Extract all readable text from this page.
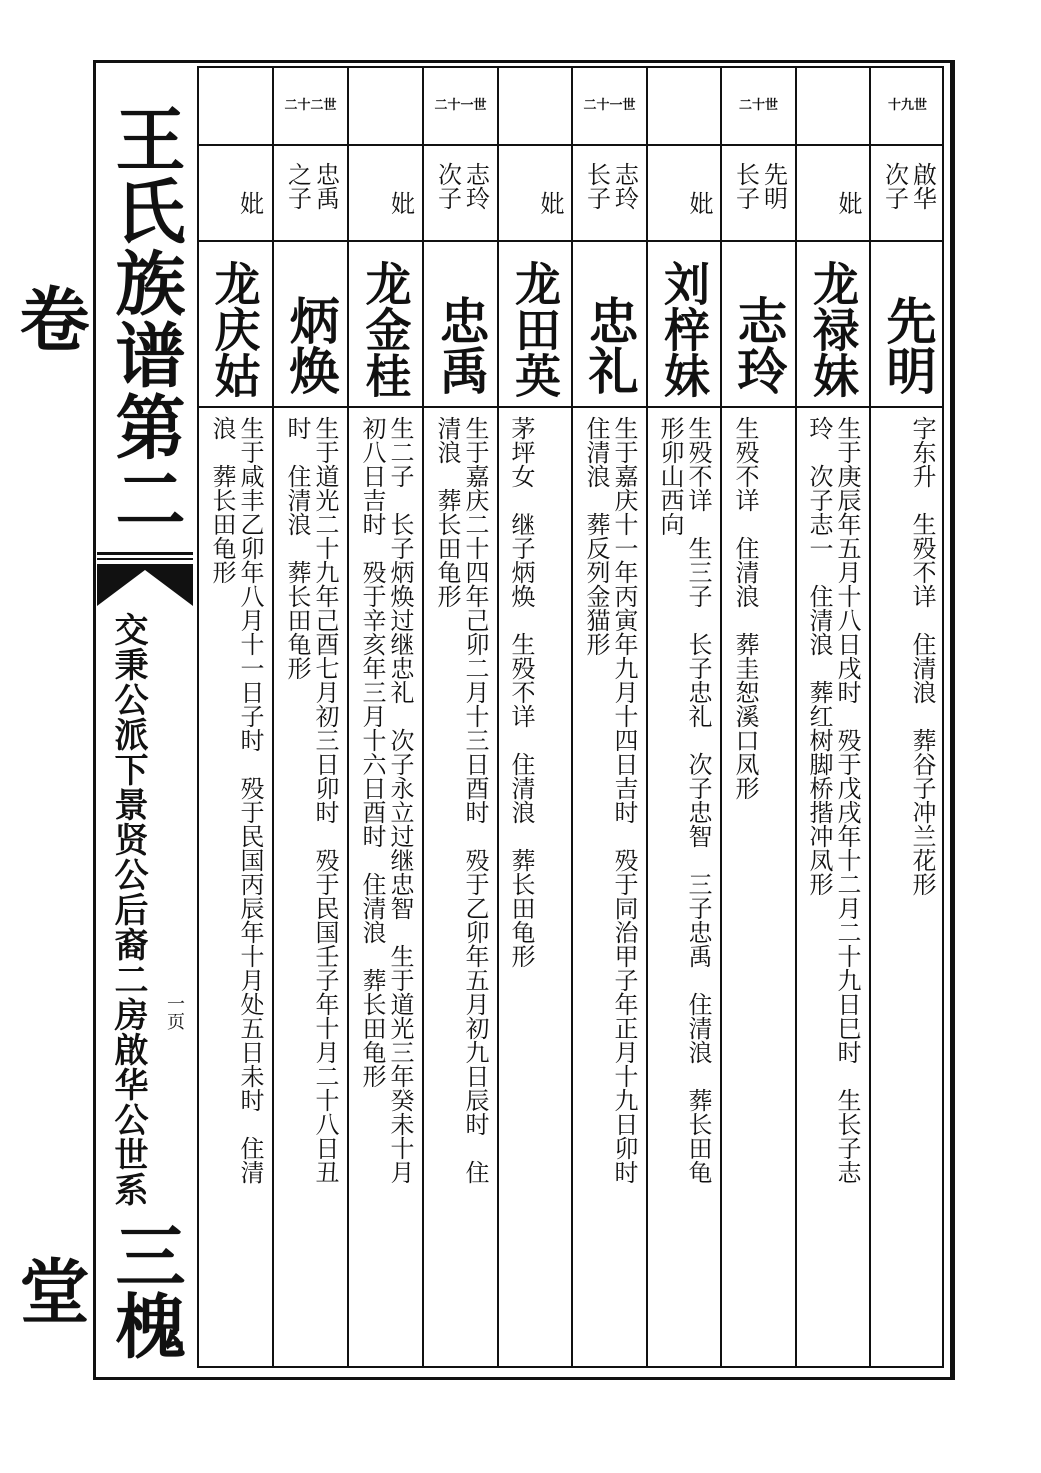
王氏族谱第二卷
交秉公派下景贤公后裔二房啟华公世系 一页
三槐堂
妣
龙庆姑
生于咸丰乙卯年八月十一日子时　殁于民国丙辰年十月处五日未时　住清
浪　葬长田龟形
二十二世
忠禹 之子
炳焕
生于道光二十九年己酉七月初三日卯时　殁于民国壬子年十月二十八日丑
时　住清浪　葬长田龟形
妣
龙金桂
生二子　长子炳焕过继忠礼　次子永立过继忠智　生于道光三年癸未十月
初八日吉时　殁于辛亥年三月十六日酉时　住清浪　葬长田龟形
二十一世
志玲 次子
忠禹
生于嘉庆二十四年己卯二月十三日酉时　殁于乙卯年五月初九日辰时　住
清浪　葬长田龟形
妣
龙田英

茅坪女　继子炳焕　生殁不详　住清浪　葬长田龟形
二十一世
志玲 长子
忠礼
生于嘉庆十一年丙寅年九月十四日吉时　殁于同治甲子年正月十九日卯时
住清浪　葬反列金猫形
妣
刘梓妹
生殁不详　生三子　长子忠礼　次子忠智　三子忠禹　住清浪　葬长田龟
形卯山西向
二十世
先明 长子
志玲

生殁不详　住清浪　葬圭恕溪口凤形
妣
龙禄妹
生于庚辰年五月十八日戌时　殁于戊戌年十二月二十九日巳时　生长子志
玲　次子志一　住清浪　葬红树脚桥揩冲凤形
十九世
啟华 次子
先明
字东升　生殁不详　住清浪　葬谷子冲兰花形
